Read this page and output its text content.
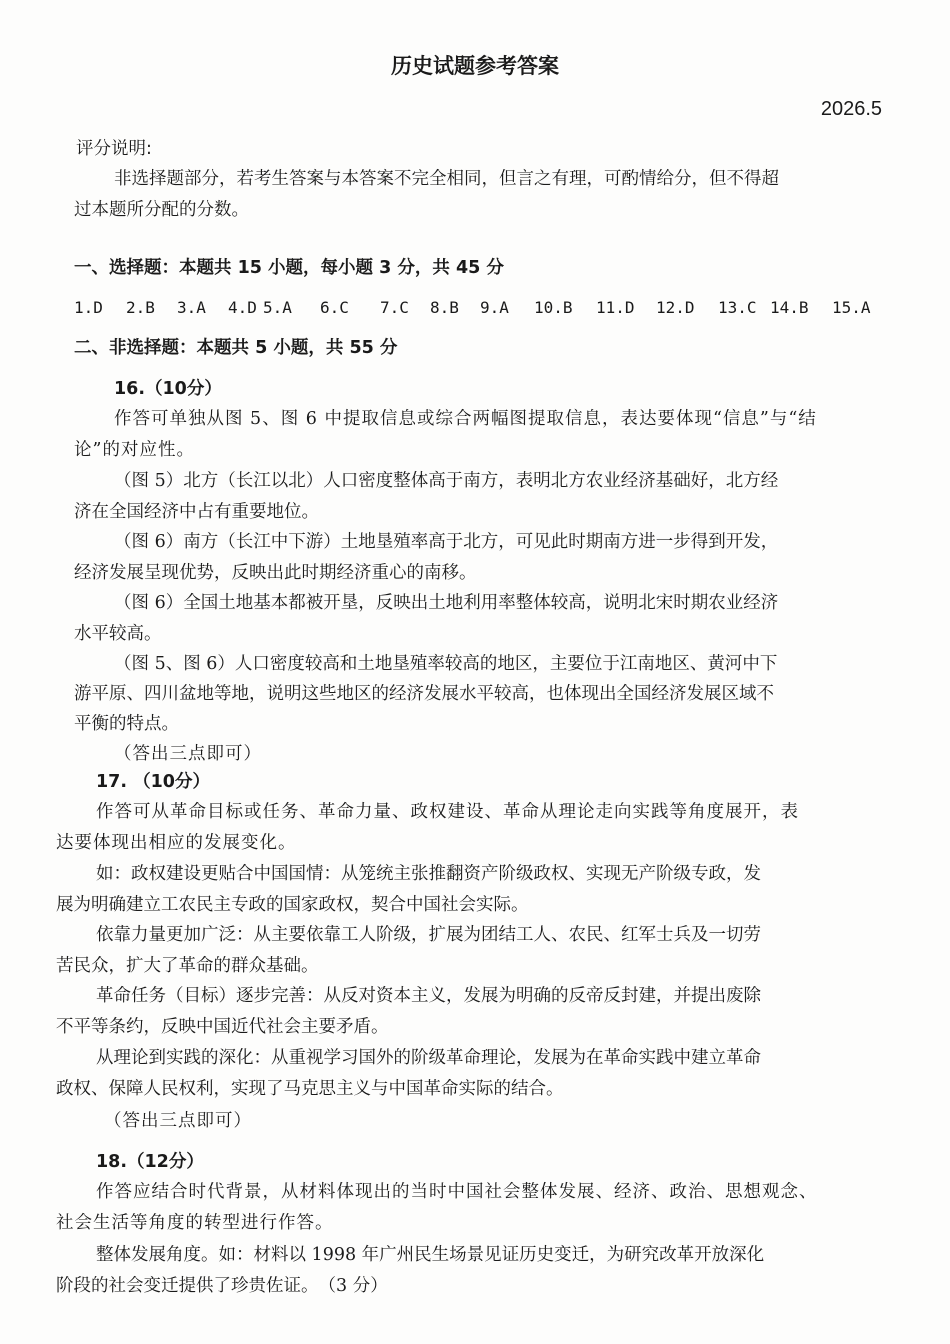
历史试题参考答案
2026.5
评分说明:
非选择题部分，若考生答案与本答案不完全相同，但言之有理，可酌情给分，但不得超
过本题所分配的分数。
一、选择题：本题共 15 小题，每小题 3 分，共 45 分
1.D 2.B 3.A 4.D 5.A 6.C 7.C 8.B 9.A 10.B 11.D 12.D 13.C 14.B 15.A
二、非选择题：本题共 5 小题，共 55 分
16.（10分）
作答可单独从图 5、图 6 中提取信息或综合两幅图提取信息，表达要体现“信息”与“结
论”的对应性。
（图 5）北方（长江以北）人口密度整体高于南方，表明北方农业经济基础好，北方经
济在全国经济中占有重要地位。
（图 6）南方（长江中下游）土地垦殖率高于北方，可见此时期南方进一步得到开发，
经济发展呈现优势，反映出此时期经济重心的南移。
（图 6）全国土地基本都被开垦，反映出土地利用率整体较高，说明北宋时期农业经济
水平较高。
（图 5、图 6）人口密度较高和土地垦殖率较高的地区，主要位于江南地区、黄河中下
游平原、四川盆地等地，说明这些地区的经济发展水平较高，也体现出全国经济发展区域不
平衡的特点。
（答出三点即可）
17. （10分）
作答可从革命目标或任务、革命力量、政权建设、革命从理论走向实践等角度展开，表
达要体现出相应的发展变化。
如：政权建设更贴合中国国情：从笼统主张推翻资产阶级政权、实现无产阶级专政，发
展为明确建立工农民主专政的国家政权，契合中国社会实际。
依靠力量更加广泛：从主要依靠工人阶级，扩展为团结工人、农民、红军士兵及一切劳
苦民众，扩大了革命的群众基础。
革命任务（目标）逐步完善：从反对资本主义，发展为明确的反帝反封建，并提出废除
不平等条约，反映中国近代社会主要矛盾。
从理论到实践的深化：从重视学习国外的阶级革命理论，发展为在革命实践中建立革命
政权、保障人民权利，实现了马克思主义与中国革命实际的结合。
（答出三点即可）
18.（12分）
作答应结合时代背景，从材料体现出的当时中国社会整体发展、经济、政治、思想观念、
社会生活等角度的转型进行作答。
整体发展角度。如：材料以 1998 年广州民生场景见证历史变迁，为研究改革开放深化
阶段的社会变迁提供了珍贵佐证。　（3 分）
